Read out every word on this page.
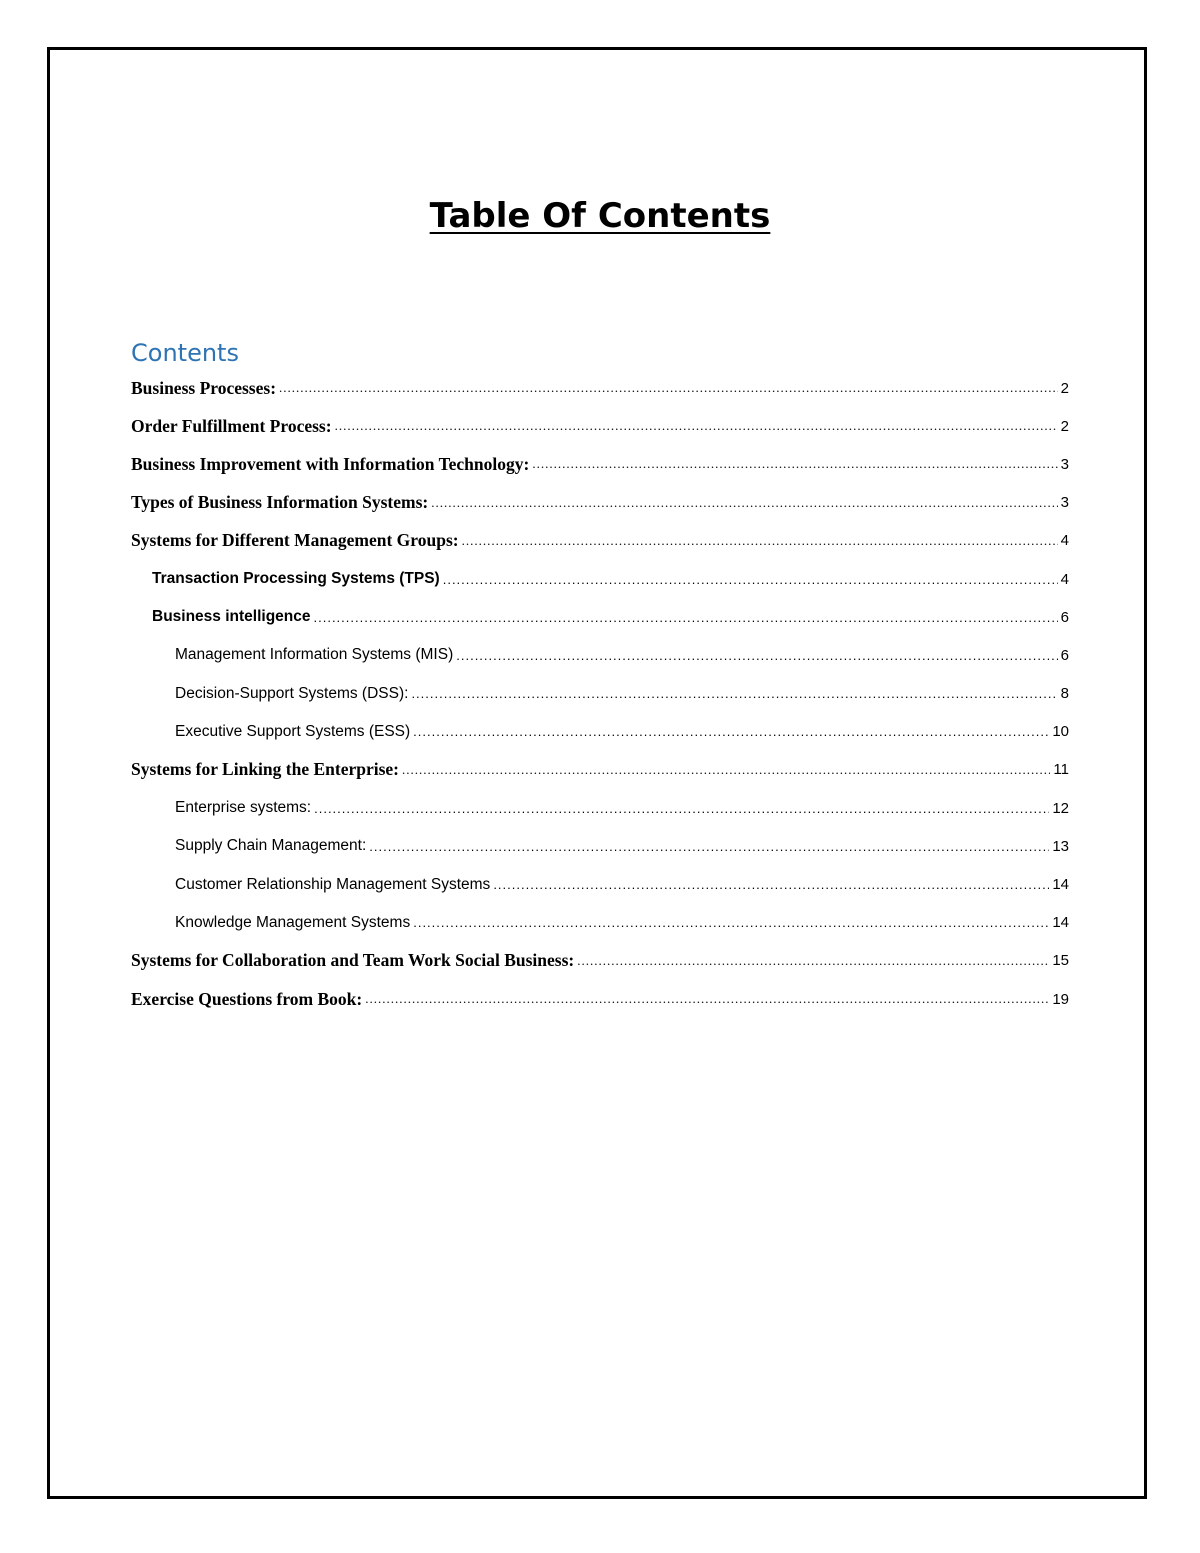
Table Of Contents
Contents
Business Processes: .....	2
Order Fulfillment Process: .....	2
Business Improvement with Information Technology: .....	3
Types of Business Information Systems: .....	3
Systems for Different Management Groups: .....	4
Transaction Processing Systems (TPS) .....	4
Business intelligence .....	6
Management Information Systems (MIS) .....	6
Decision-Support Systems (DSS): .....	8
Executive Support Systems (ESS) .....	10
Systems for Linking the Enterprise: .....	11
Enterprise systems: .....	12
Supply Chain Management: .....	13
Customer Relationship Management Systems .....	14
Knowledge Management Systems .....	14
Systems for Collaboration and Team Work Social Business: .....	15
Exercise Questions from Book: .....	19
